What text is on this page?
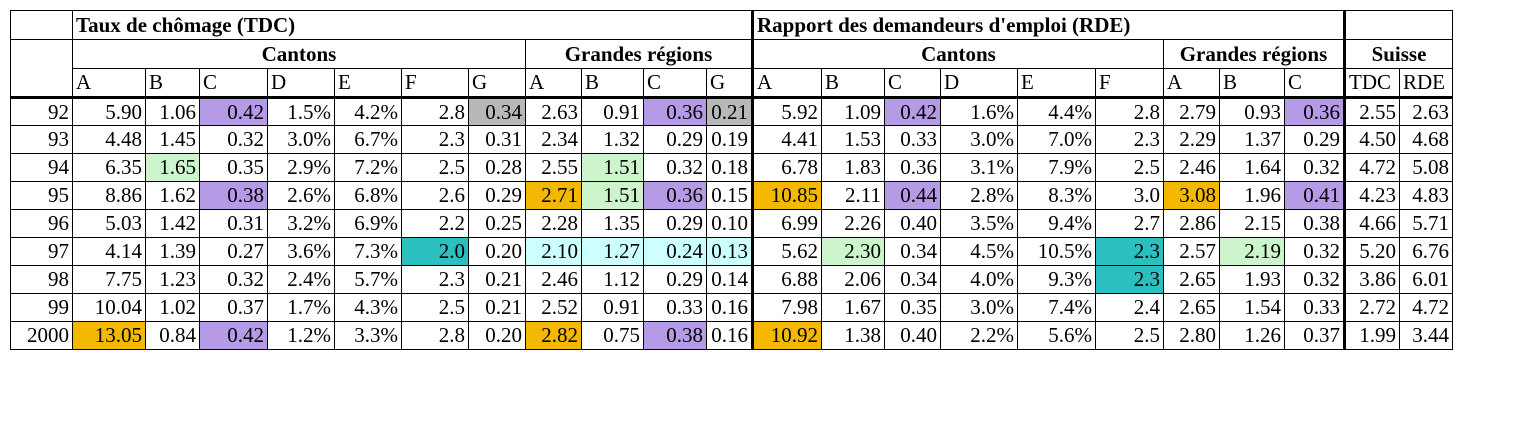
	Taux de chômage (TDC)											Rapport des demandeurs d'emploi (RDE)										
	Cantons							Grandes régions				Cantons						Grandes régions			Suisse	
	A	B	C	D	E	F	G	A	B	C	G	A	B	C	D	E	F	A	B	C	TDC	RDE
92	5.90	1.06	0.42	1.5%	4.2%	2.8	0.34	2.63	0.91	0.36	0.21	5.92	1.09	0.42	1.6%	4.4%	2.8	2.79	0.93	0.36	2.55	2.63
93	4.48	1.45	0.32	3.0%	6.7%	2.3	0.31	2.34	1.32	0.29	0.19	4.41	1.53	0.33	3.0%	7.0%	2.3	2.29	1.37	0.29	4.50	4.68
94	6.35	1.65	0.35	2.9%	7.2%	2.5	0.28	2.55	1.51	0.32	0.18	6.78	1.83	0.36	3.1%	7.9%	2.5	2.46	1.64	0.32	4.72	5.08
95	8.86	1.62	0.38	2.6%	6.8%	2.6	0.29	2.71	1.51	0.36	0.15	10.85	2.11	0.44	2.8%	8.3%	3.0	3.08	1.96	0.41	4.23	4.83
96	5.03	1.42	0.31	3.2%	6.9%	2.2	0.25	2.28	1.35	0.29	0.10	6.99	2.26	0.40	3.5%	9.4%	2.7	2.86	2.15	0.38	4.66	5.71
97	4.14	1.39	0.27	3.6%	7.3%	2.0	0.20	2.10	1.27	0.24	0.13	5.62	2.30	0.34	4.5%	10.5%	2.3	2.57	2.19	0.32	5.20	6.76
98	7.75	1.23	0.32	2.4%	5.7%	2.3	0.21	2.46	1.12	0.29	0.14	6.88	2.06	0.34	4.0%	9.3%	2.3	2.65	1.93	0.32	3.86	6.01
99	10.04	1.02	0.37	1.7%	4.3%	2.5	0.21	2.52	0.91	0.33	0.16	7.98	1.67	0.35	3.0%	7.4%	2.4	2.65	1.54	0.33	2.72	4.72
2000	13.05	0.84	0.42	1.2%	3.3%	2.8	0.20	2.82	0.75	0.38	0.16	10.92	1.38	0.40	2.2%	5.6%	2.5	2.80	1.26	0.37	1.99	3.44
